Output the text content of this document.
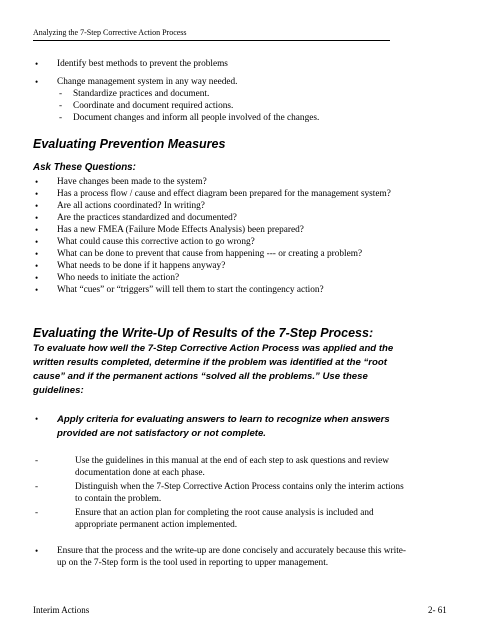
Analyzing the 7-Step Corrective Action Process
• Identify best methods to prevent the problems
• Change management system in any way needed.
- Standardize practices and document.
- Coordinate and document required actions.
- Document changes and inform all people involved of the changes.
Evaluating Prevention Measures
Ask These Questions:
• Have changes been made to the system?
• Has a process flow / cause and effect diagram been prepared for the management system?
• Are all actions coordinated? In writing?
• Are the practices standardized and documented?
• Has a new FMEA (Failure Mode Effects Analysis) been prepared?
• What could cause this corrective action to go wrong?
• What can be done to prevent that cause from happening --- or creating a problem?
• What needs to be done if it happens anyway?
• Who needs to initiate the action?
• What “cues” or “triggers” will tell them to start the contingency action?
Evaluating the Write-Up of Results of the 7-Step Process:
To evaluate how well the 7-Step Corrective Action Process was applied and the
written results completed, determine if the problem was identified at the “root
cause” and if the permanent actions “solved all the problems.” Use these
guidelines:
• Apply criteria for evaluating answers to learn to recognize when answers
provided are not satisfactory or not complete.
-	Use the guidelines in this manual at the end of each step to ask questions and review
documentation done at each phase.
-	Distinguish when the 7-Step Corrective Action Process contains only the interim actions
to contain the problem.
-	Ensure that an action plan for completing the root cause analysis is included and
appropriate permanent action implemented.
• Ensure that the process and the write-up are done concisely and accurately because this write-
up on the 7-Step form is the tool used in reporting to upper management.
Interim Actions	2- 61
